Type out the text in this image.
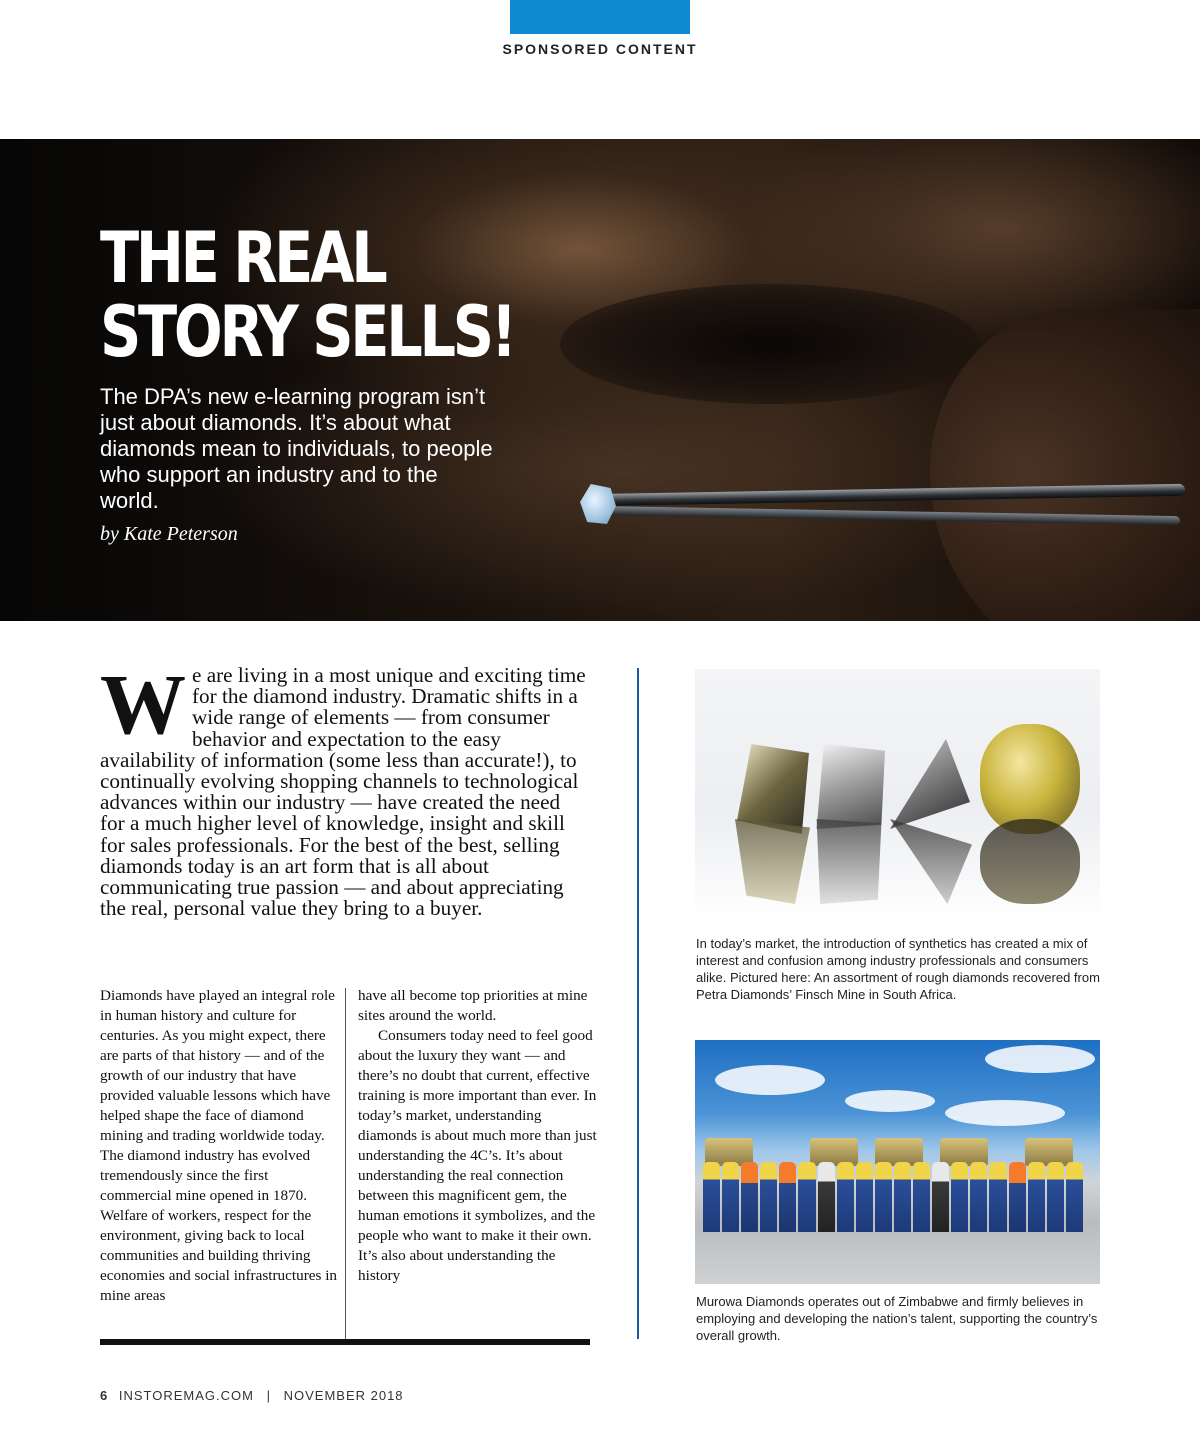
SPONSORED CONTENT
THE REAL
STORY SELLS!

The DPA’s new e-learning program isn’t just about diamonds. It’s about what diamonds mean to individuals, to people who support an industry and to the world.

by Kate Peterson

W e are living in a most unique and exciting time for the diamond industry. Dramatic shifts in a wide range of elements — from consumer behavior and expectation to the easy availability of information (some less than accurate!), to continually evolving shopping channels to technological advances within our industry — have created the need for a much higher level of knowledge, insight and skill for sales professionals. For the best of the best, selling diamonds today is an art form that is all about communicating true passion — and about appreciating the real, personal value they bring to a buyer.

Diamonds have played an integral role in human history and culture for centuries. As you might expect, there are parts of that history — and of the growth of our industry that have provided valuable lessons which have helped shape the face of diamond mining and trading worldwide today. The diamond industry has evolved tremendously since the first commercial mine opened in 1870. Welfare of workers, respect for the environment, giving back to local communities and building thriving economies and social infrastructures in mine areas

have all become top priorities at mine sites around the world.

Consumers today need to feel good about the luxury they want — and there’s no doubt that current, effective training is more important than ever. In today’s market, understanding diamonds is about much more than just understanding the 4C’s. It’s about understanding the real connection between this magnificent gem, the human emotions it symbolizes, and the people who want to make it their own. It’s also about understanding the history

In today’s market, the introduction of synthetics has created a mix of interest and confusion among industry professionals and consumers alike. Pictured here: An assortment of rough diamonds recovered from Petra Diamonds’ Finsch Mine in South Africa.

Murowa Diamonds operates out of Zimbabwe and firmly believes in employing and developing the nation’s talent, supporting the country’s overall growth.

6 INSTOREMAG.COM | NOVEMBER 2018
